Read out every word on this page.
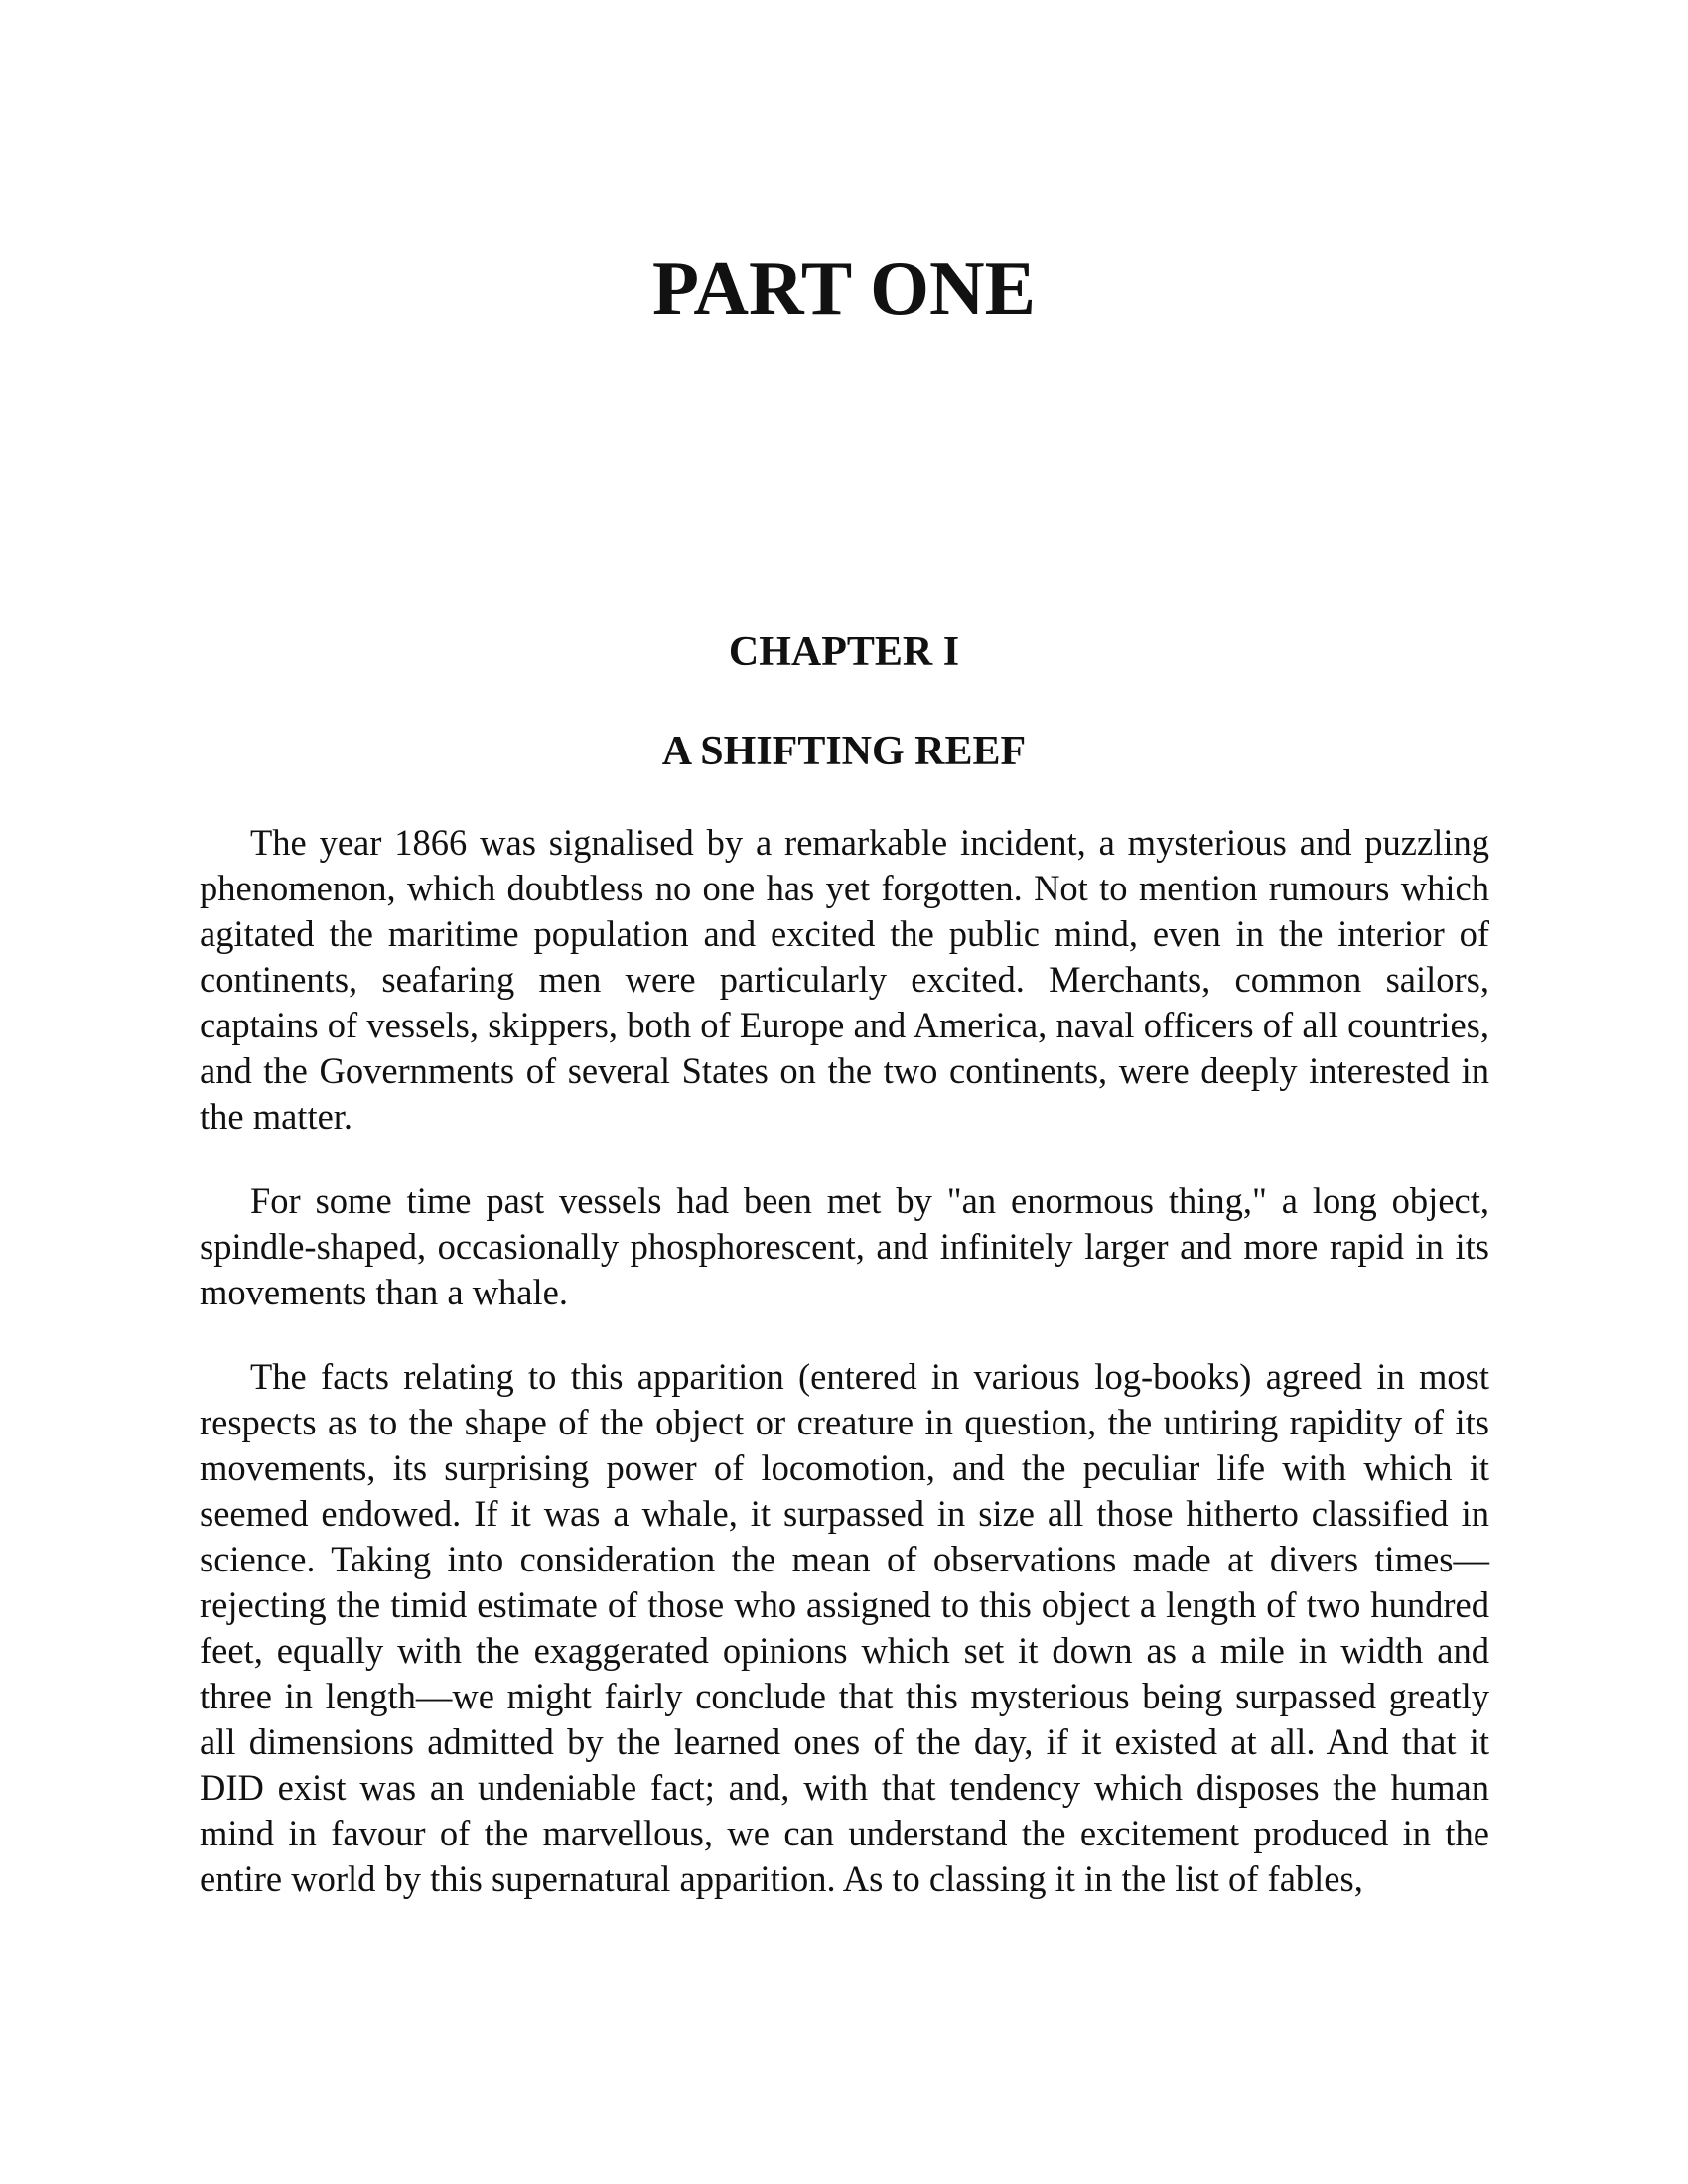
PART ONE
CHAPTER I
A SHIFTING REEF

The year 1866 was signalised by a remarkable incident, a mysterious and puzzling phenomenon, which doubtless no one has yet forgotten. Not to mention rumours which agitated the maritime population and excited the public mind, even in the interior of continents, seafaring men were particularly excited. Merchants, common sailors, captains of vessels, skippers, both of Europe and America, naval officers of all countries, and the Governments of several States on the two continents, were deeply interested in the matter.

For some time past vessels had been met by "an enormous thing," a long object, spindle-shaped, occasionally phosphorescent, and infinitely larger and more rapid in its movements than a whale.

The facts relating to this apparition (entered in various log-books) agreed in most respects as to the shape of the object or creature in question, the untiring rapidity of its movements, its surprising power of locomotion, and the peculiar life with which it seemed endowed. If it was a whale, it surpassed in size all those hitherto classified in science. Taking into consideration the mean of observations made at divers times—rejecting the timid estimate of those who assigned to this object a length of two hundred feet, equally with the exaggerated opinions which set it down as a mile in width and three in length—we might fairly conclude that this mysterious being surpassed greatly all dimensions admitted by the learned ones of the day, if it existed at all. And that it DID exist was an undeniable fact; and, with that tendency which disposes the human mind in favour of the marvellous, we can understand the excitement produced in the entire world by this supernatural apparition. As to classing it in the list of fables,
